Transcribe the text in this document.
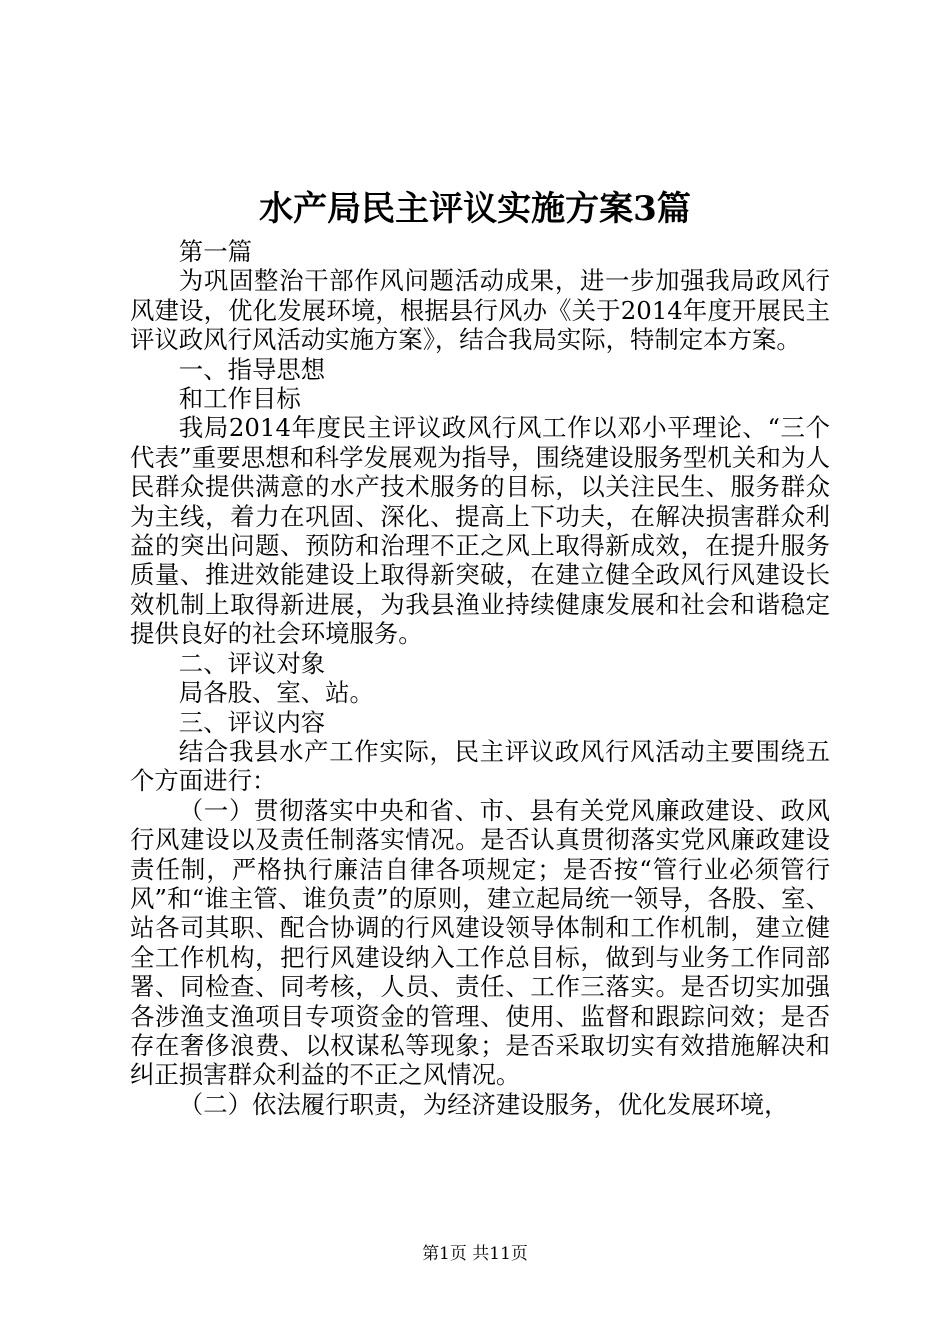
水产局民主评议实施方案3篇

第一篇

为巩固整治干部作风问题活动成果，进一步加强我局政风行风建设，优化发展环境，根据县行风办《关于2014年度开展民主评议政风行风活动实施方案》，结合我局实际，特制定本方案。

一、指导思想

和工作目标

我局2014年度民主评议政风行风工作以邓小平理论、“三个代表”重要思想和科学发展观为指导，围绕建设服务型机关和为人民群众提供满意的水产技术服务的目标，以关注民生、服务群众为主线，着力在巩固、深化、提高上下功夫，在解决损害群众利益的突出问题、预防和治理不正之风上取得新成效，在提升服务质量、推进效能建设上取得新突破，在建立健全政风行风建设长效机制上取得新进展，为我县渔业持续健康发展和社会和谐稳定提供良好的社会环境服务。

二、评议对象

局各股、室、站。

三、评议内容

结合我县水产工作实际，民主评议政风行风活动主要围绕五个方面进行：

（一）贯彻落实中央和省、市、县有关党风廉政建设、政风行风建设以及责任制落实情况。是否认真贯彻落实党风廉政建设责任制，严格执行廉洁自律各项规定；是否按“管行业必须管行风”和“谁主管、谁负责”的原则，建立起局统一领导，各股、室、站各司其职、配合协调的行风建设领导体制和工作机制，建立健全工作机构，把行风建设纳入工作总目标，做到与业务工作同部署、同检查、同考核，人员、责任、工作三落实。是否切实加强各涉渔支渔项目专项资金的管理、使用、监督和跟踪问效；是否存在奢侈浪费、以权谋私等现象；是否采取切实有效措施解决和纠正损害群众利益的不正之风情况。

（二）依法履行职责，为经济建设服务，优化发展环境，

第1页 共11页
